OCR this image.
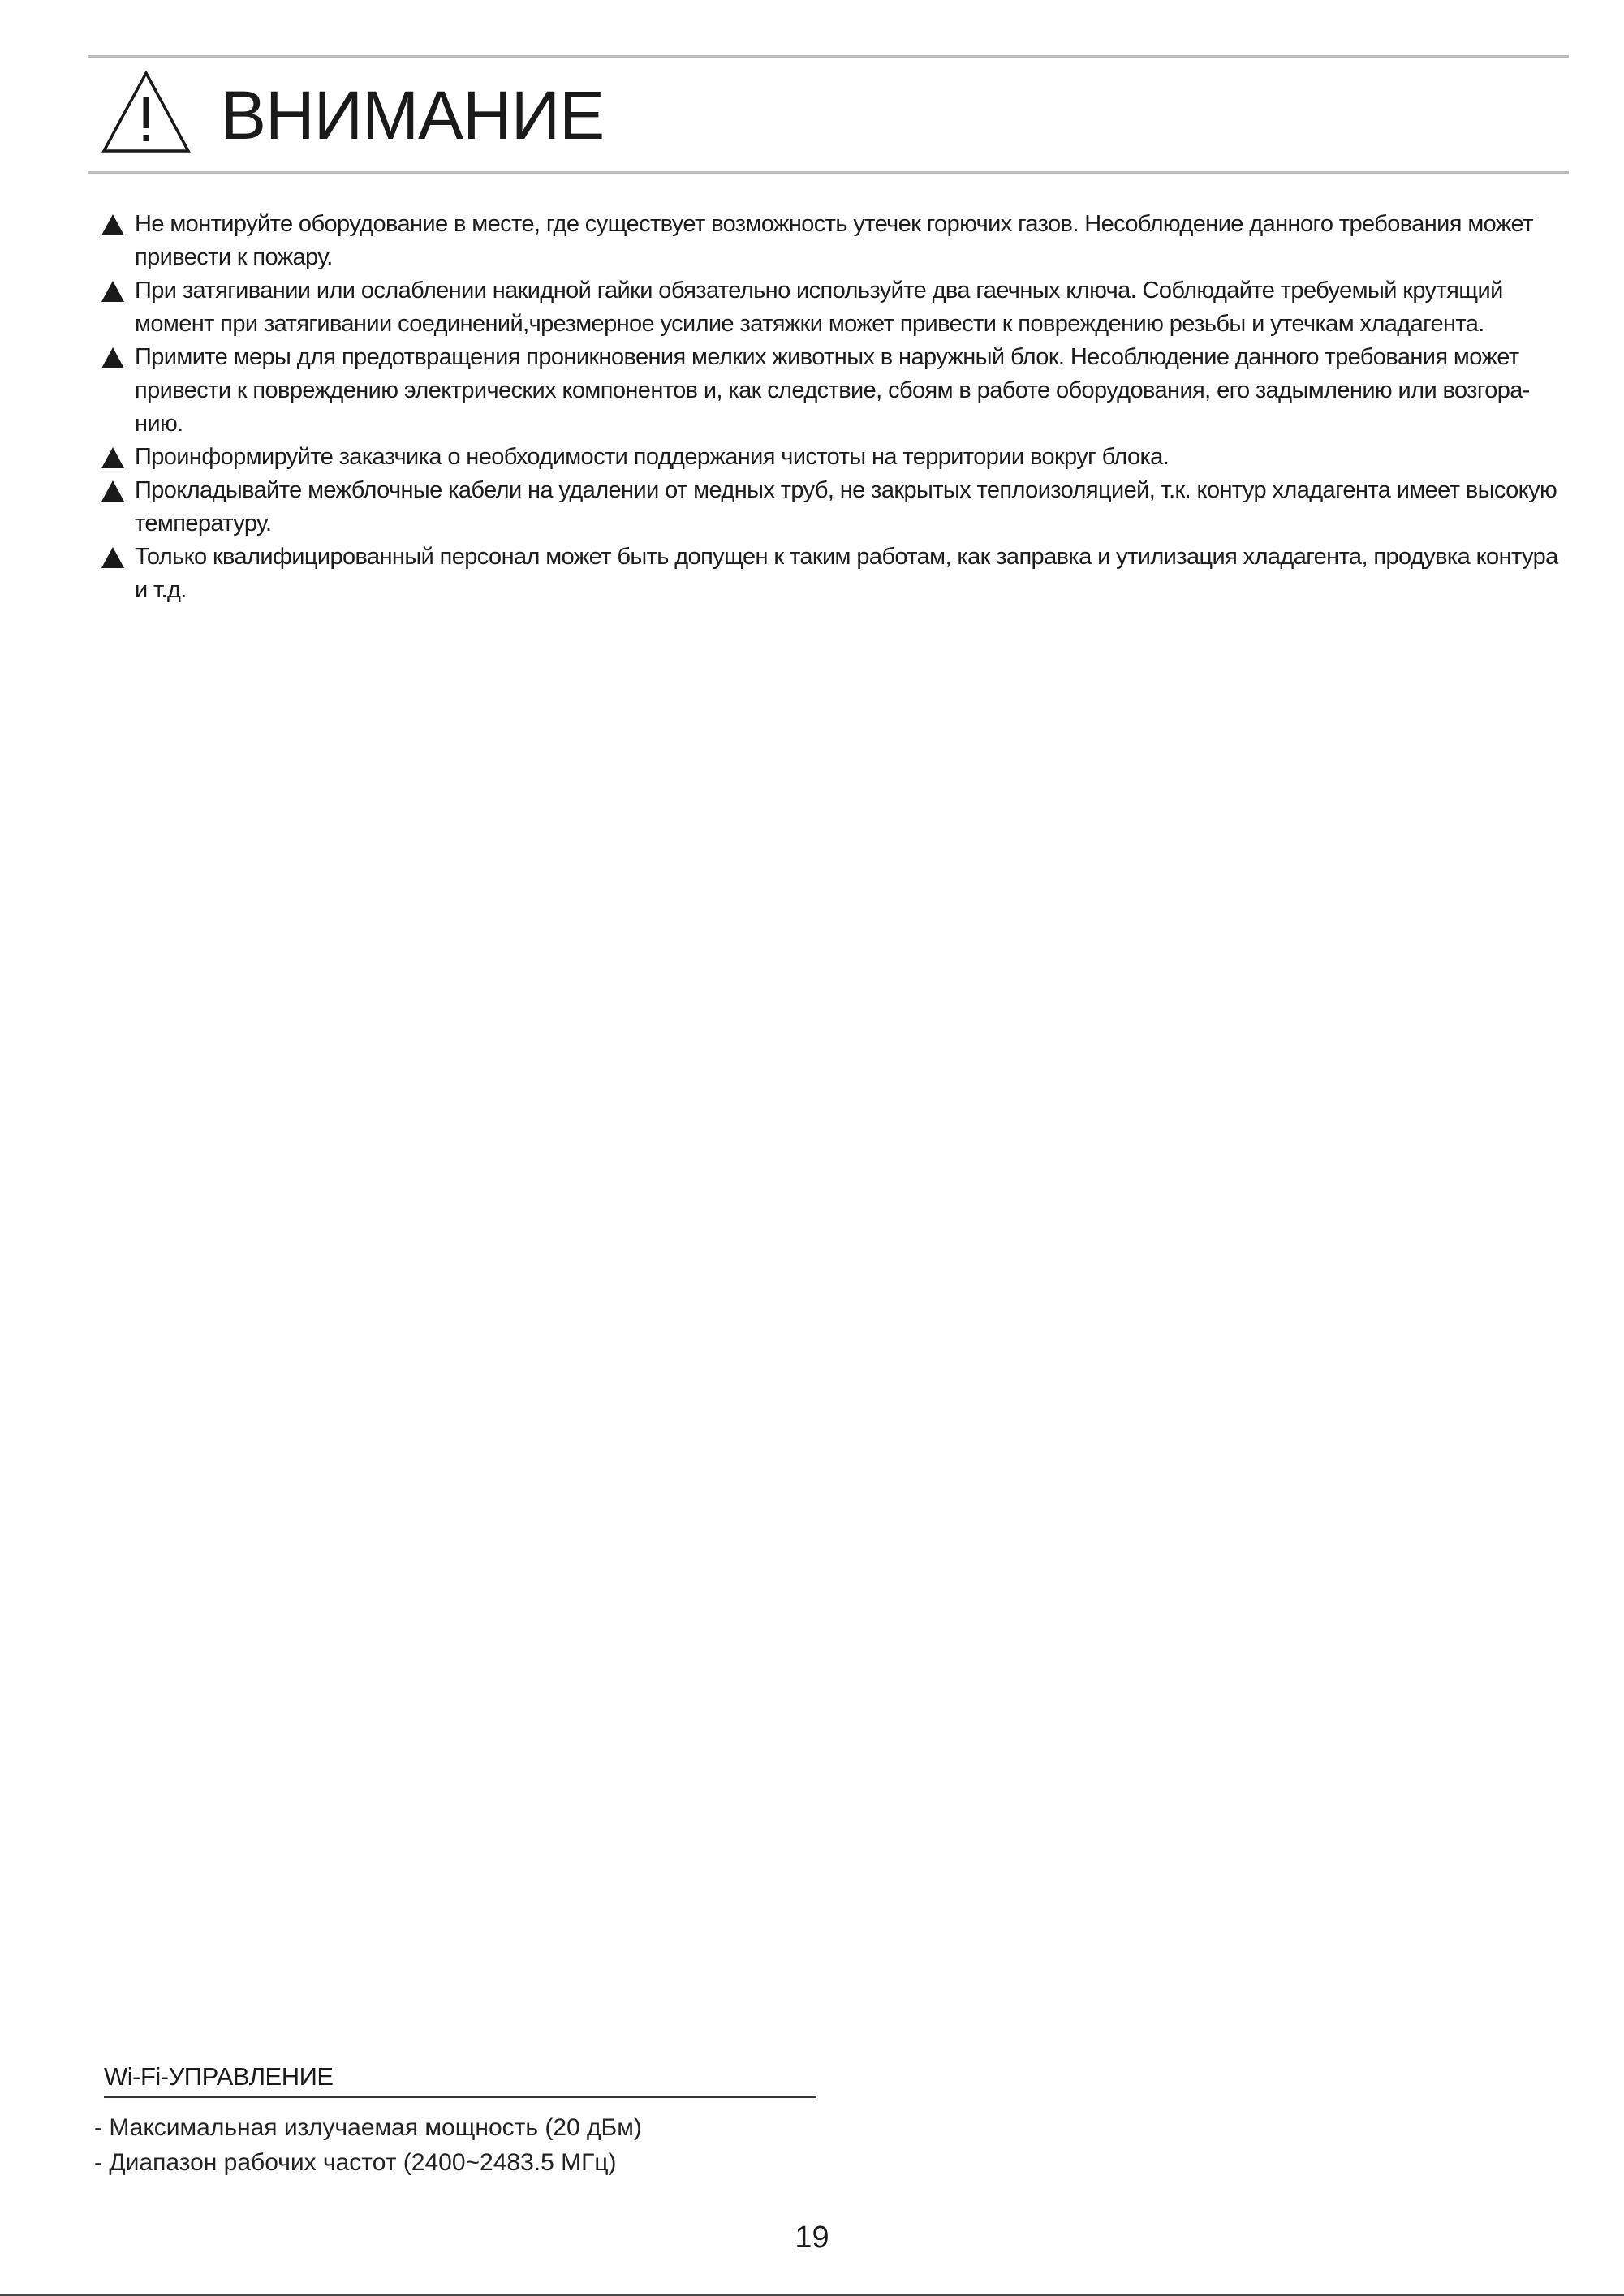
ВНИМАНИЕ
Не монтируйте оборудование в месте, где существует возможность утечек горючих газов. Несоблюдение данного требования может привести к пожару.
При затягивании или ослаблении накидной гайки обязательно используйте два гаечных ключа. Соблюдайте требуемый крутящий момент при затягивании соединений,чрезмерное усилие затяжки может привести к повреждению резьбы и утечкам хладагента.
Примите меры для предотвращения проникновения мелких животных в наружный блок. Несоблюдение данного требования может привести к повреждению электрических компонентов и, как следствие, сбоям в работе оборудования, его задымлению или возгора-нию.
Проинформируйте заказчика о необходимости поддержания чистоты на территории вокруг блока.
Прокладывайте межблочные кабели на удалении от медных труб, не закрытых теплоизоляцией, т.к. контур хладагента имеет высокую температуру.
Только квалифицированный персонал может быть допущен к таким работам, как заправка и утилизация хладагента, продувка контура и т.д.
Wi-Fi-УПРАВЛЕНИЕ
- Максимальная излучаемая мощность (20 дБм)
- Диапазон рабочих частот (2400~2483.5 МГц)
19
